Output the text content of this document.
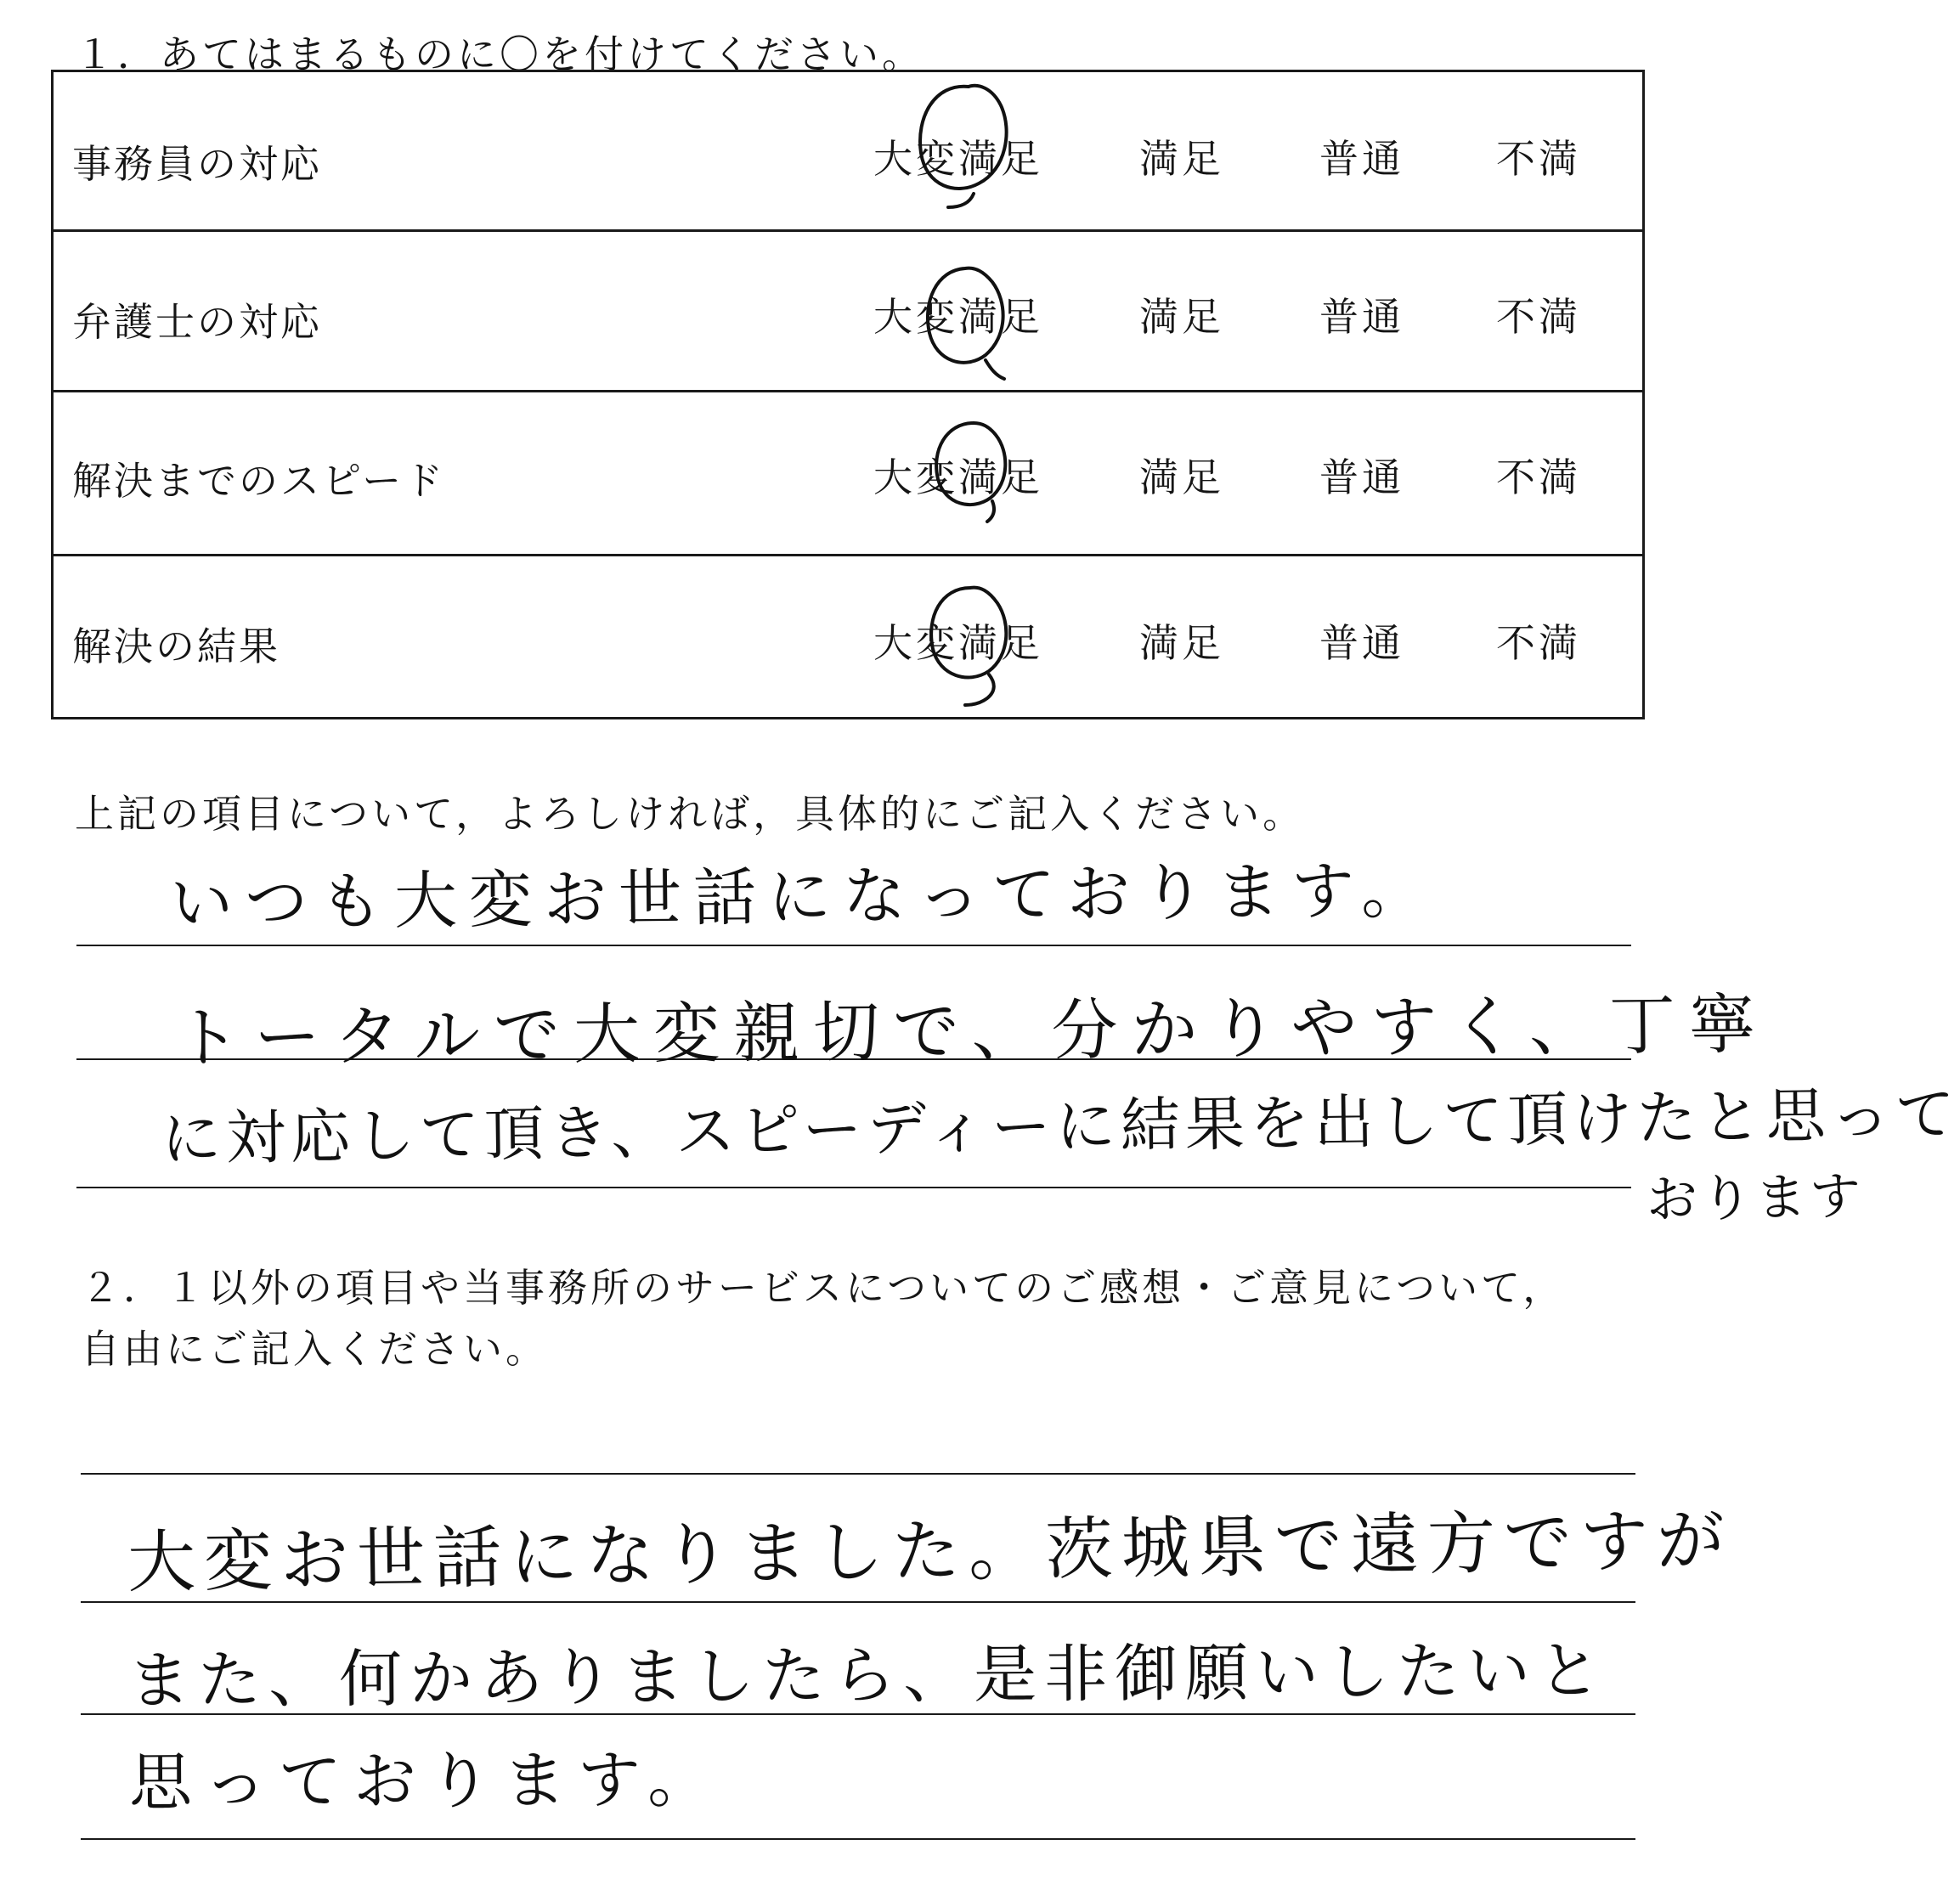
１．あてはまるものに〇を付けてください。
事務員の対応	大変満足 満足 普通 不満
弁護士の対応	大変満足 満足 普通 不満
解決までのスピード	大変満足 満足 普通 不満
解決の結果	大変満足 満足 普通 不満
上記の項目について，よろしければ，具体的にご記入ください。
いつも大変お世話になっております。
トータルで大変親切で、分かりやすく、丁寧
に対応して頂き、スピーディーに結果を出して頂けたと思って
おります
２．１以外の項目や当事務所のサービスについてのご感想・ご意見について，
自由にご記入ください。
大変お世話になりました。茨城県で遠方ですが
また、何かありましたら、是非御願いしたいと
思っております。
